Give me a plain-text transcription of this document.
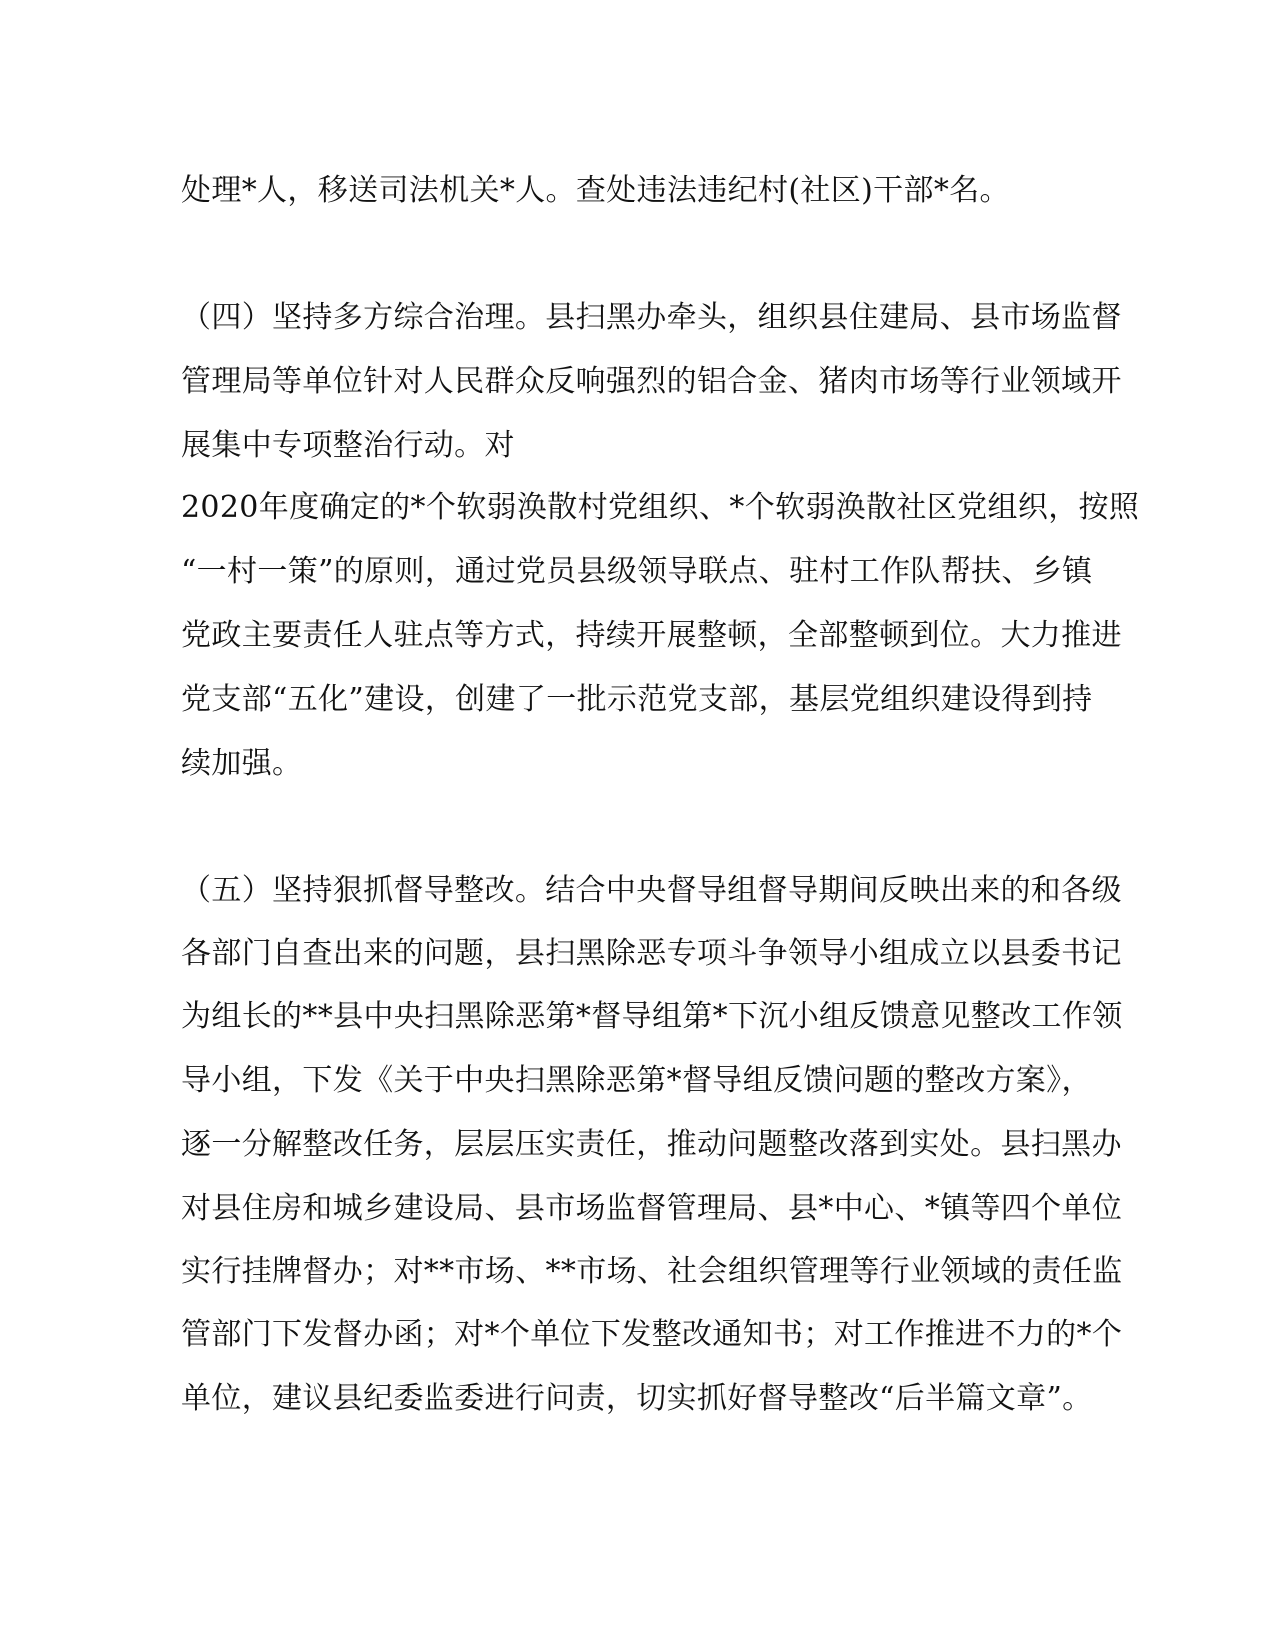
处理*人，移送司法机关*人。查处违法违纪村(社区)干部*名。
（四）坚持多方综合治理。县扫黑办牵头，组织县住建局、县市场监督
管理局等单位针对人民群众反响强烈的铝合金、猪肉市场等行业领域开
展集中专项整治行动。对
2020年度确定的*个软弱涣散村党组织、*个软弱涣散社区党组织，按照
“一村一策”的原则，通过党员县级领导联点、驻村工作队帮扶、乡镇
党政主要责任人驻点等方式，持续开展整顿，全部整顿到位。大力推进
党支部“五化”建设，创建了一批示范党支部，基层党组织建设得到持
续加强。
（五）坚持狠抓督导整改。结合中央督导组督导期间反映出来的和各级
各部门自查出来的问题，县扫黑除恶专项斗争领导小组成立以县委书记
为组长的**县中央扫黑除恶第*督导组第*下沉小组反馈意见整改工作领
导小组，下发《关于中央扫黑除恶第*督导组反馈问题的整改方案》，
逐一分解整改任务，层层压实责任，推动问题整改落到实处。县扫黑办
对县住房和城乡建设局、县市场监督管理局、县*中心、*镇等四个单位
实行挂牌督办；对**市场、**市场、社会组织管理等行业领域的责任监
管部门下发督办函；对*个单位下发整改通知书；对工作推进不力的*个
单位，建议县纪委监委进行问责，切实抓好督导整改“后半篇文章”。
